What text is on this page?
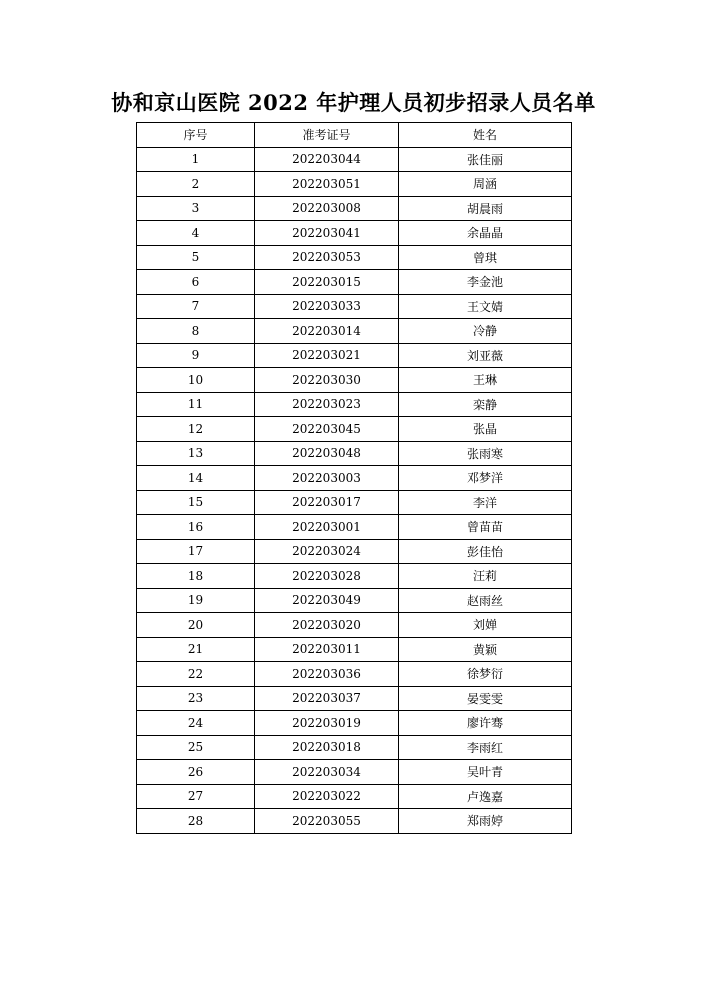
协和京山医院 2022 年护理人员初步招录人员名单
序号	准考证号	姓名
1	202203044	张佳丽
2	202203051	周涵
3	202203008	胡晨雨
4	202203041	余晶晶
5	202203053	曾琪
6	202203015	李金池
7	202203033	王文婧
8	202203014	冷静
9	202203021	刘亚薇
10	202203030	王琳
11	202203023	栾静
12	202203045	张晶
13	202203048	张雨寒
14	202203003	邓梦洋
15	202203017	李洋
16	202203001	曾苗苗
17	202203024	彭佳怡
18	202203028	汪莉
19	202203049	赵雨丝
20	202203020	刘婵
21	202203011	黄颖
22	202203036	徐梦衍
23	202203037	晏雯雯
24	202203019	廖许骞
25	202203018	李雨红
26	202203034	吴叶青
27	202203022	卢逸嘉
28	202203055	郑雨婷
